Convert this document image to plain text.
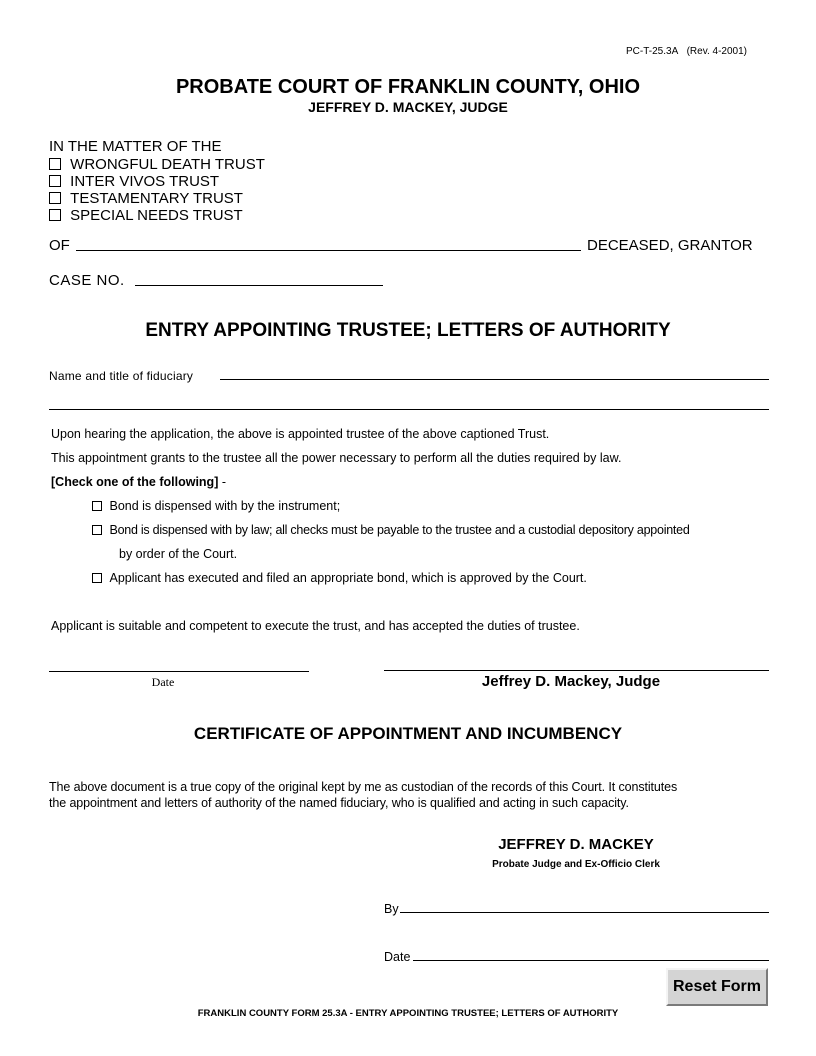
PC-T-25.3A (Rev. 4-2001)
PROBATE COURT OF FRANKLIN COUNTY, OHIO
JEFFREY D. MACKEY, JUDGE
IN THE MATTER OF THE
WRONGFUL DEATH TRUST
INTER VIVOS TRUST
TESTAMENTARY TRUST
SPECIAL NEEDS TRUST
OF	DECEASED, GRANTOR
CASE NO.
ENTRY APPOINTING TRUSTEE; LETTERS OF AUTHORITY
Name and title of fiduciary
Upon hearing the application, the above is appointed trustee of the above captioned Trust.
This appointment grants to the trustee all the power necessary to perform all the duties required by law.
[Check one of the following] -
Bond is dispensed with by the instrument;
Bond is dispensed with by law; all checks must be payable to the trustee and a custodial depository appointed
by order of the Court.
Applicant has executed and filed an appropriate bond, which is approved by the Court.
Applicant is suitable and competent to execute the trust, and has accepted the duties of trustee.
Date	Jeffrey D. Mackey, Judge
CERTIFICATE OF APPOINTMENT AND INCUMBENCY
The above document is a true copy of the original kept by me as custodian of the records of this Court. It constitutes
the appointment and letters of authority of the named fiduciary, who is qualified and acting in such capacity.
JEFFREY D. MACKEY
Probate Judge and Ex-Officio Clerk
By
Date
Reset Form
FRANKLIN COUNTY FORM 25.3A - ENTRY APPOINTING TRUSTEE; LETTERS OF AUTHORITY
